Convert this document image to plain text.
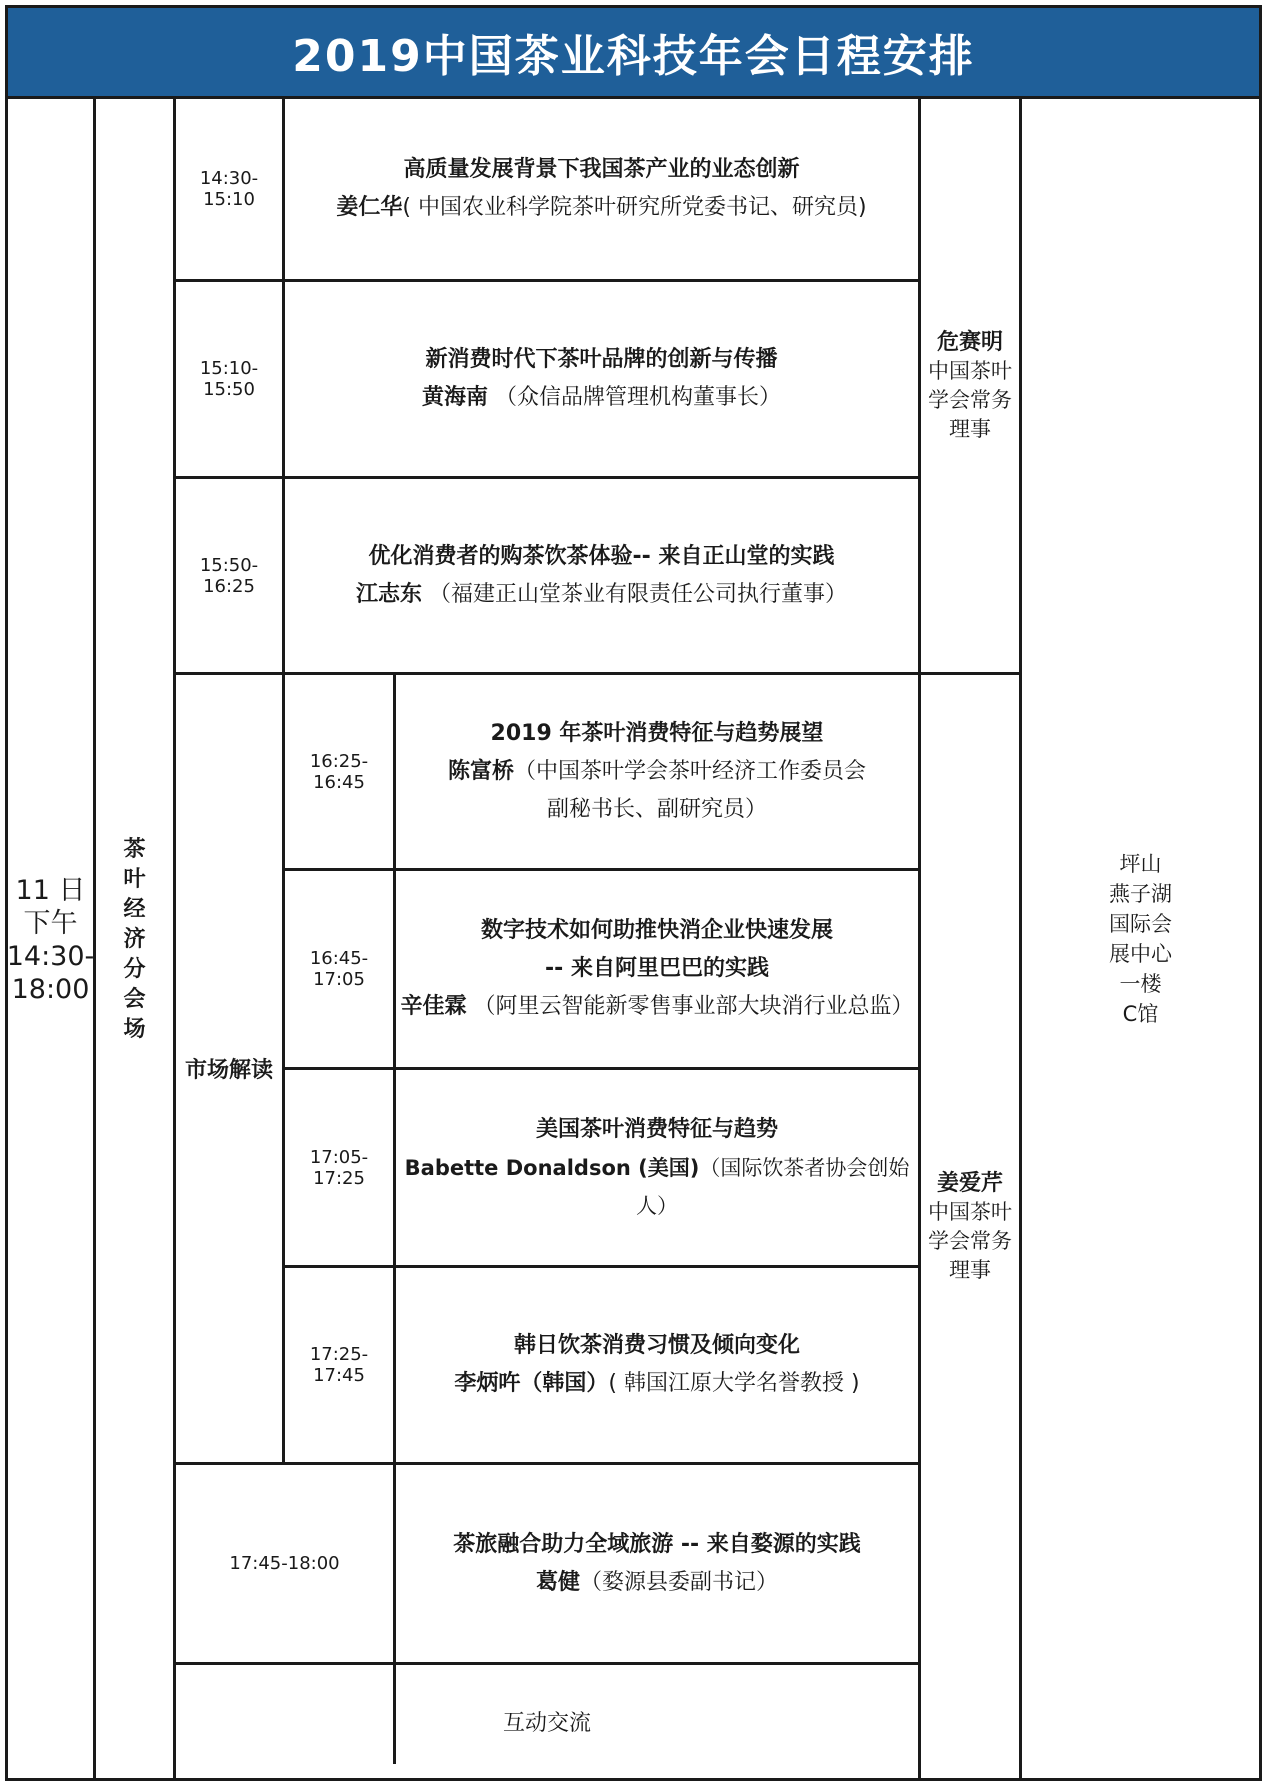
2019中国茶业科技年会日程安排
11 日
下午
14:30-
18:00
茶
叶
经
济
分
会
场
市场解读
14:30-15:10
高质量发展背景下我国茶产业的业态创新
姜仁华( 中国农业科学院茶叶研究所党委书记、研究员)
15:10-15:50
新消费时代下茶叶品牌的创新与传播
黄海南 （众信品牌管理机构董事长）
15:50-16:25
优化消费者的购茶饮茶体验-- 来自正山堂的实践
江志东 （福建正山堂茶业有限责任公司执行董事）
16:25-16:45
2019 年茶叶消费特征与趋势展望
陈富桥（中国茶叶学会茶叶经济工作委员会
副秘书长、副研究员）
16:45-17:05
数字技术如何助推快消企业快速发展
-- 来自阿里巴巴的实践
辛佳霖 （阿里云智能新零售事业部大块消行业总监）
17:05-17:25
美国茶叶消费特征与趋势
Babette Donaldson (美国)（国际饮茶者协会创始人）
17:25-17:45
韩日饮茶消费习惯及倾向变化
李炳吘（韩国）( 韩国江原大学名誉教授 )
17:45-18:00
茶旅融合助力全域旅游 -- 来自婺源的实践
葛健（婺源县委副书记）
互动交流
危赛明
中国茶叶
学会常务
理事
姜爱芹
中国茶叶
学会常务
理事
坪山
燕子湖
国际会
展中心
一楼
C馆
